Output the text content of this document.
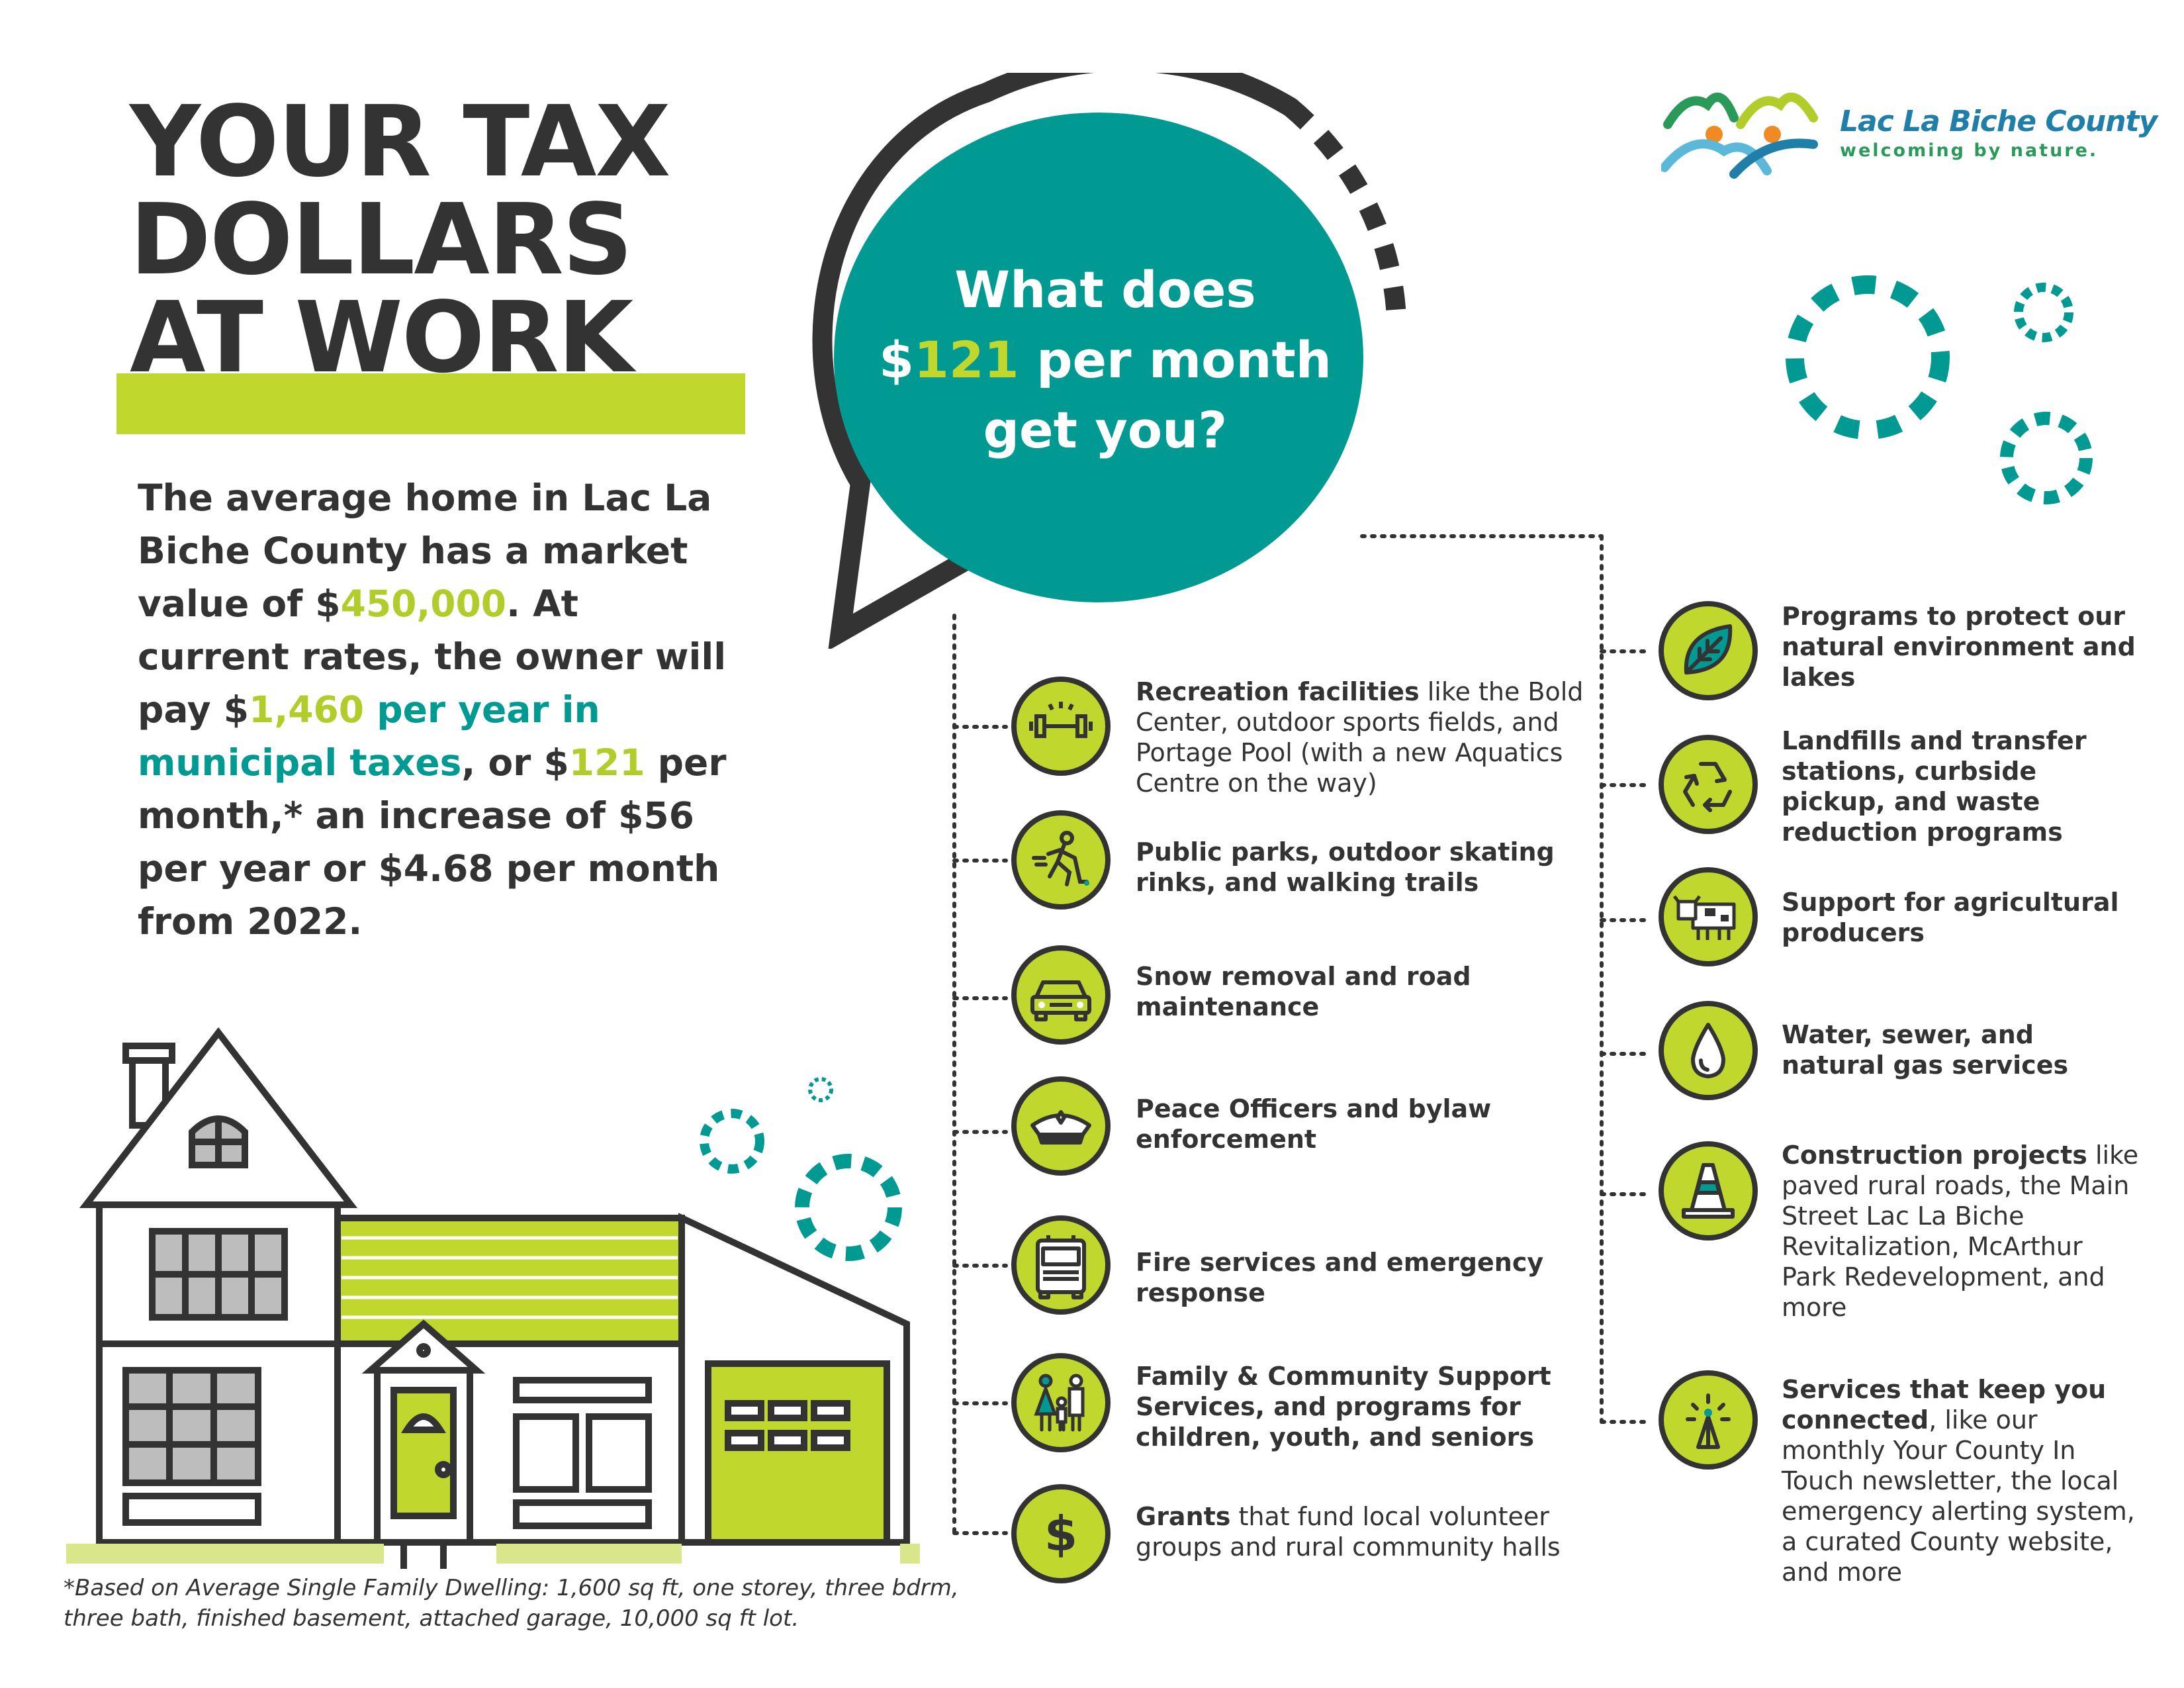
YOUR TAX
DOLLARS
AT WORK
The average home in Lac La Biche County has a market value of $450,000. At current rates, the owner will pay $1,460 per year in municipal taxes, or $121 per month,* an increase of $56 per year or $4.68 per month from 2022.
What does
$121 per month
get you?
Lac La Biche County
welcoming by nature.
Recreation facilities like the Bold Center, outdoor sports fields, and Portage Pool (with a new Aquatics Centre on the way)
Public parks, outdoor skating rinks, and walking trails
Snow removal and road maintenance
Peace Officers and bylaw enforcement
Fire services and emergency response
Family & Community Support Services, and programs for children, youth, and seniors
$ Grants that fund local volunteer groups and rural community halls
Programs to protect our natural environment and lakes
Landfills and transfer stations, curbside pickup, and waste reduction programs
Support for agricultural producers
Water, sewer, and natural gas services
Construction projects like paved rural roads, the Main Street Lac La Biche Revitalization, McArthur Park Redevelopment, and more
Services that keep you connected, like our monthly Your County In Touch newsletter, the local emergency alerting system, a curated County website, and more
*Based on Average Single Family Dwelling: 1,600 sq ft, one storey, three bdrm, three bath, finished basement, attached garage, 10,000 sq ft lot.
